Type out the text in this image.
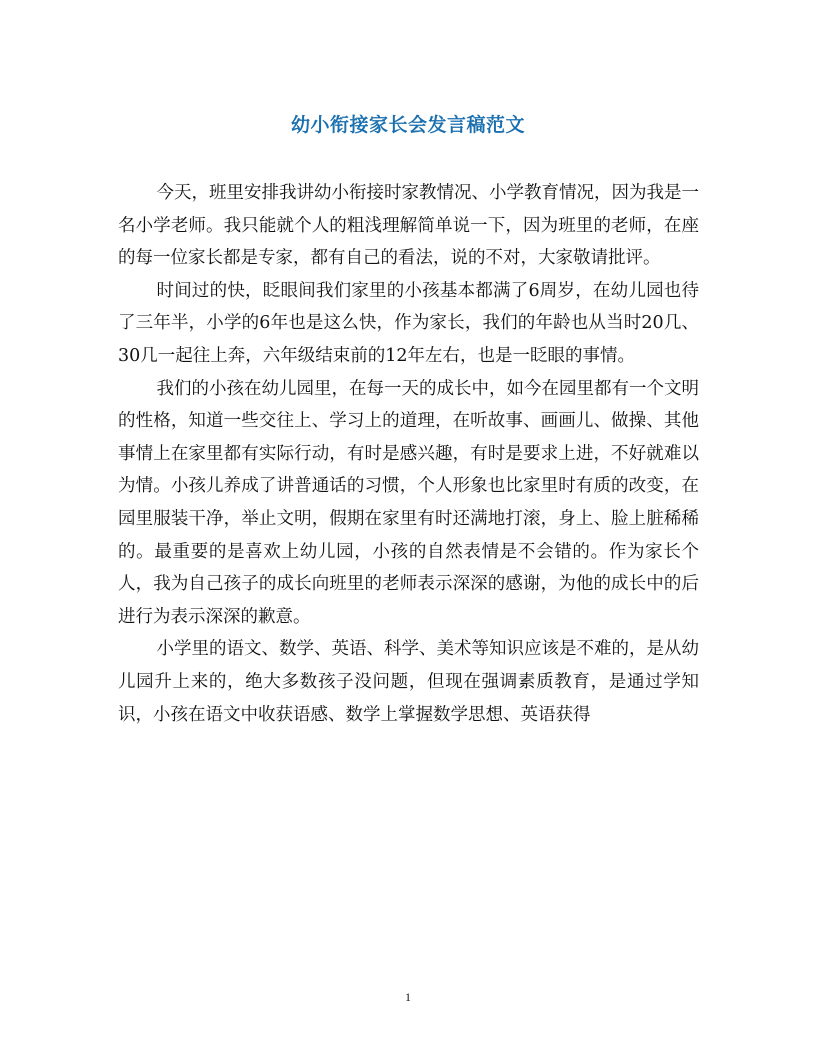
幼小衔接家长会发言稿范文

今天，班里安排我讲幼小衔接时家教情况、小学教育情况，因为我是一名小学老师。我只能就个人的粗浅理解简单说一下，因为班里的老师，在座的每一位家长都是专家，都有自己的看法，说的不对，大家敬请批评。

时间过的快，眨眼间我们家里的小孩基本都满了6周岁，在幼儿园也待了三年半，小学的6年也是这么快，作为家长，我们的年龄也从当时20几、30几一起往上奔，六年级结束前的12年左右，也是一眨眼的事情。

我们的小孩在幼儿园里，在每一天的成长中，如今在园里都有一个文明的性格，知道一些交往上、学习上的道理，在听故事、画画儿、做操、其他事情上在家里都有实际行动，有时是感兴趣，有时是要求上进，不好就难以为情。小孩儿养成了讲普通话的习惯，个人形象也比家里时有质的改变，在园里服装干净，举止文明，假期在家里有时还满地打滚，身上、脸上脏稀稀的。最重要的是喜欢上幼儿园，小孩的自然表情是不会错的。作为家长个人，我为自己孩子的成长向班里的老师表示深深的感谢，为他的成长中的后进行为表示深深的歉意。

小学里的语文、数学、英语、科学、美术等知识应该是不难的，是从幼儿园升上来的，绝大多数孩子没问题，但现在强调素质教育，是通过学知识，小孩在语文中收获语感、数学上掌握数学思想、英语获得

1
